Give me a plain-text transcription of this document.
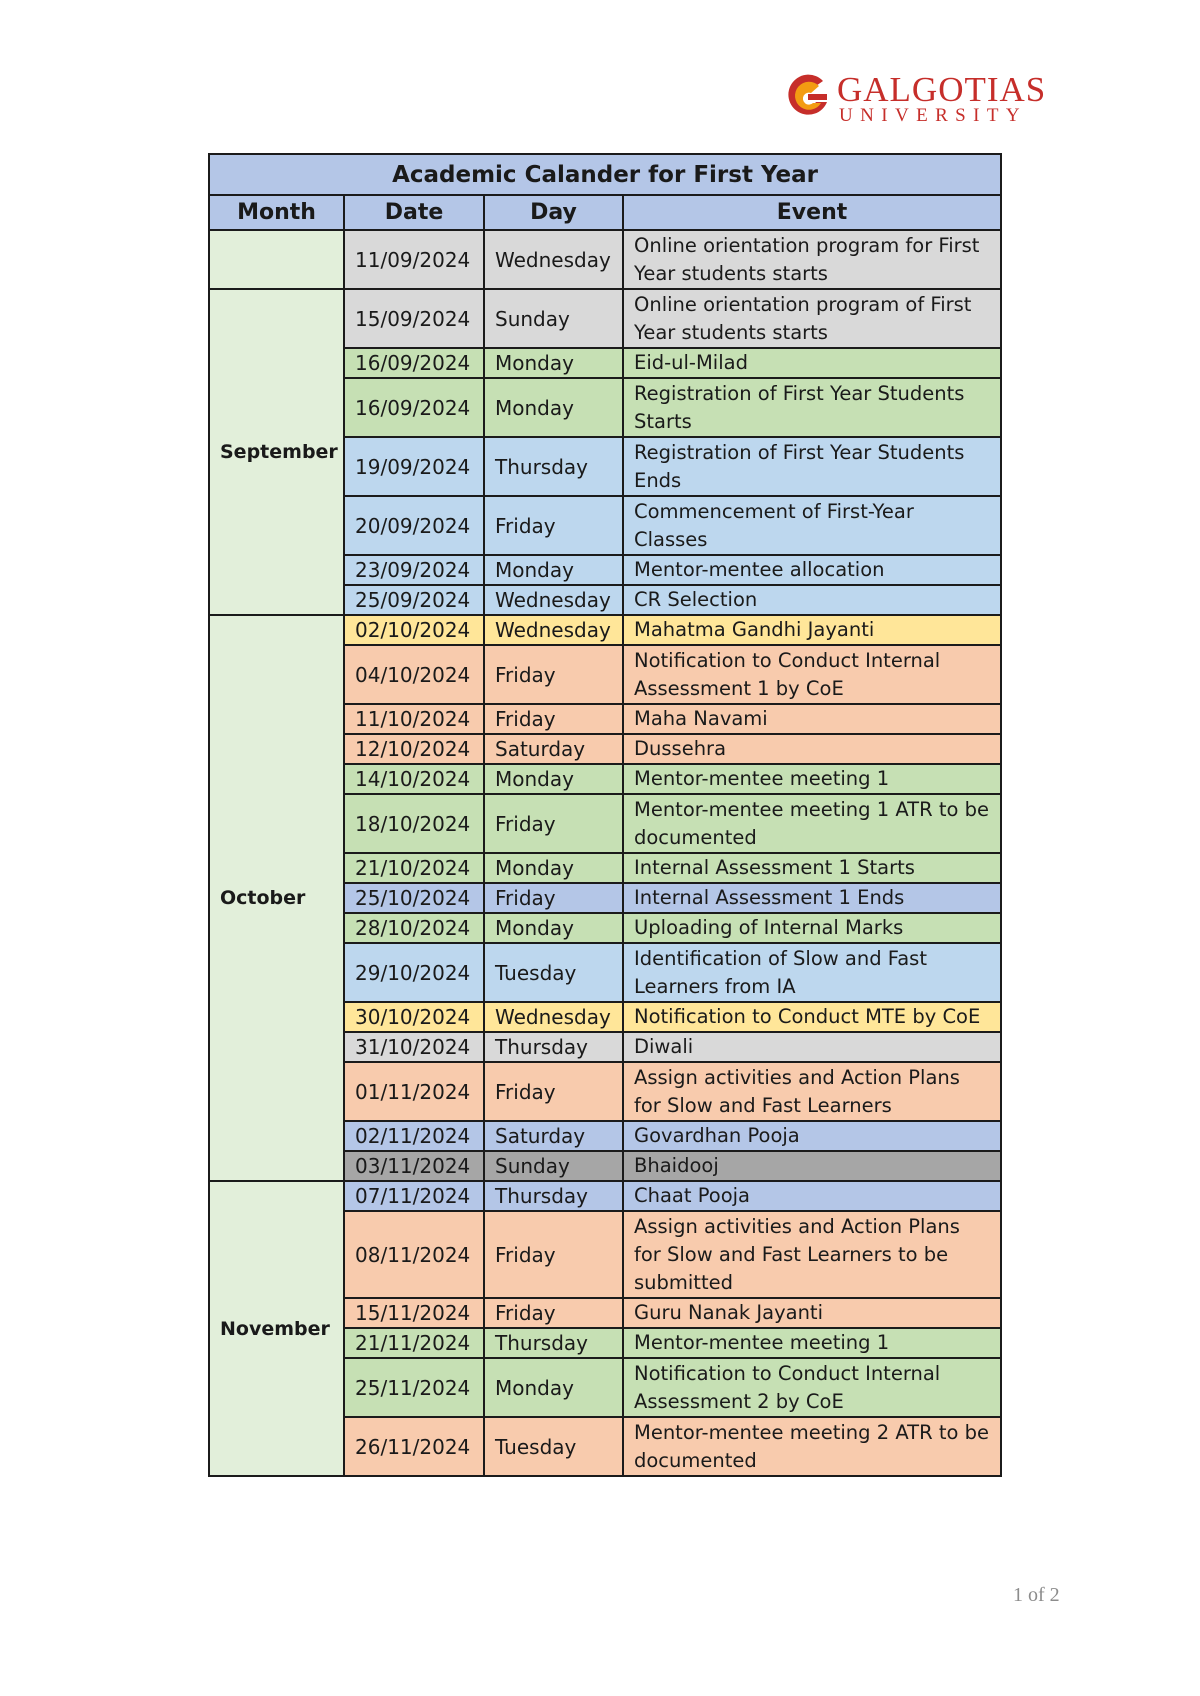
GALGOTIAS
UNIVERSITY
Academic Calander for First Year			
Month	Date	Day	Event
	11/09/2024	Wednesday	Online orientation program for First Year students starts
September	15/09/2024	Sunday	Online orientation program of First Year students starts
	16/09/2024	Monday	Eid-ul-Milad
	16/09/2024	Monday	Registration of First Year Students Starts
	19/09/2024	Thursday	Registration of First Year Students Ends
	20/09/2024	Friday	Commencement of First-Year Classes
	23/09/2024	Monday	Mentor-mentee allocation
	25/09/2024	Wednesday	CR Selection
October	02/10/2024	Wednesday	Mahatma Gandhi Jayanti
	04/10/2024	Friday	Notification to Conduct Internal Assessment 1 by CoE
	11/10/2024	Friday	Maha Navami
	12/10/2024	Saturday	Dussehra
	14/10/2024	Monday	Mentor-mentee meeting 1
	18/10/2024	Friday	Mentor-mentee meeting 1 ATR to be documented
	21/10/2024	Monday	Internal Assessment 1 Starts
	25/10/2024	Friday	Internal Assessment 1 Ends
	28/10/2024	Monday	Uploading of Internal Marks
	29/10/2024	Tuesday	Identification of Slow and Fast Learners from IA
	30/10/2024	Wednesday	Notification to Conduct MTE by CoE
	31/10/2024	Thursday	Diwali
	01/11/2024	Friday	Assign activities and Action Plans for Slow and Fast Learners
	02/11/2024	Saturday	Govardhan Pooja
	03/11/2024	Sunday	Bhaidooj
November	07/11/2024	Thursday	Chaat Pooja
	08/11/2024	Friday	Assign activities and Action Plans for Slow and Fast Learners to be submitted
	15/11/2024	Friday	Guru Nanak Jayanti
	21/11/2024	Thursday	Mentor-mentee meeting 1
	25/11/2024	Monday	Notification to Conduct Internal Assessment 2 by CoE
	26/11/2024	Tuesday	Mentor-mentee meeting 2 ATR to be documented
1 of 2
